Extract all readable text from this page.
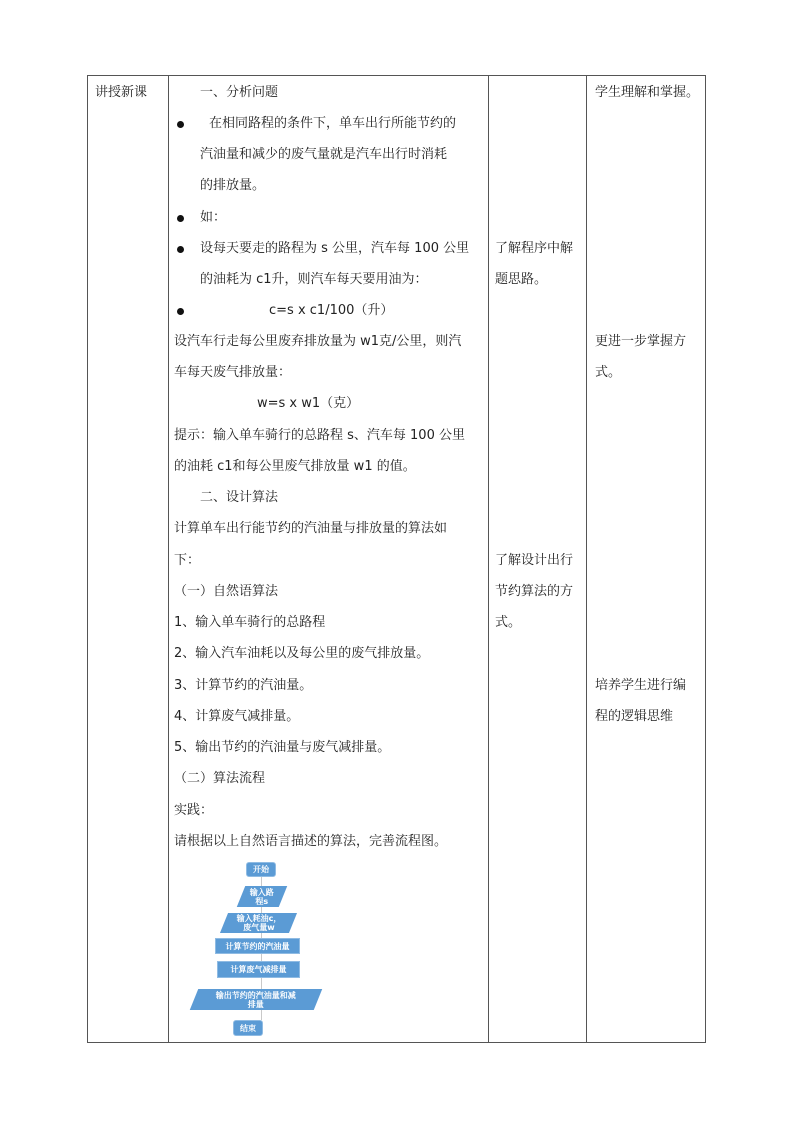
讲授新课	一、分析问题
在相同路程的条件下，单车出行所能节约的
汽油量和减少的废气量就是汽车出行时消耗
的排放量。
如：
设每天要走的路程为 s 公里，汽车每 100 公里
的油耗为 c1升，则汽车每天要用油为：
c=s x c1/100（升）
设汽车行走每公里废弃排放量为 w1克/公里，则汽
车每天废气排放量：
w=s x w1（克）
提示：输入单车骑行的总路程 s、汽车每 100 公里
的油耗 c1和每公里废气排放量 w1 的值。
二、设计算法
计算单车出行能节约的汽油量与排放量的算法如
下：
（一）自然语算法
1、输入单车骑行的总路程
2、输入汽车油耗以及每公里的废气排放量。
3、计算节约的汽油量。
4、计算废气减排量。
5、输出节约的汽油量与废气减排量。
（二）算法流程
实践：
请根据以上自然语言描述的算法，完善流程图。
开始
输入路程s
输入耗油c，废气量w
计算节约的汽油量
计算废气减排量
输出节约的汽油量和减排量
结束
了解程序中解
题思路。
了解设计出行
节约算法的方
式。
学生理解和掌握。
更进一步掌握方
式。
培养学生进行编
程的逻辑思维
